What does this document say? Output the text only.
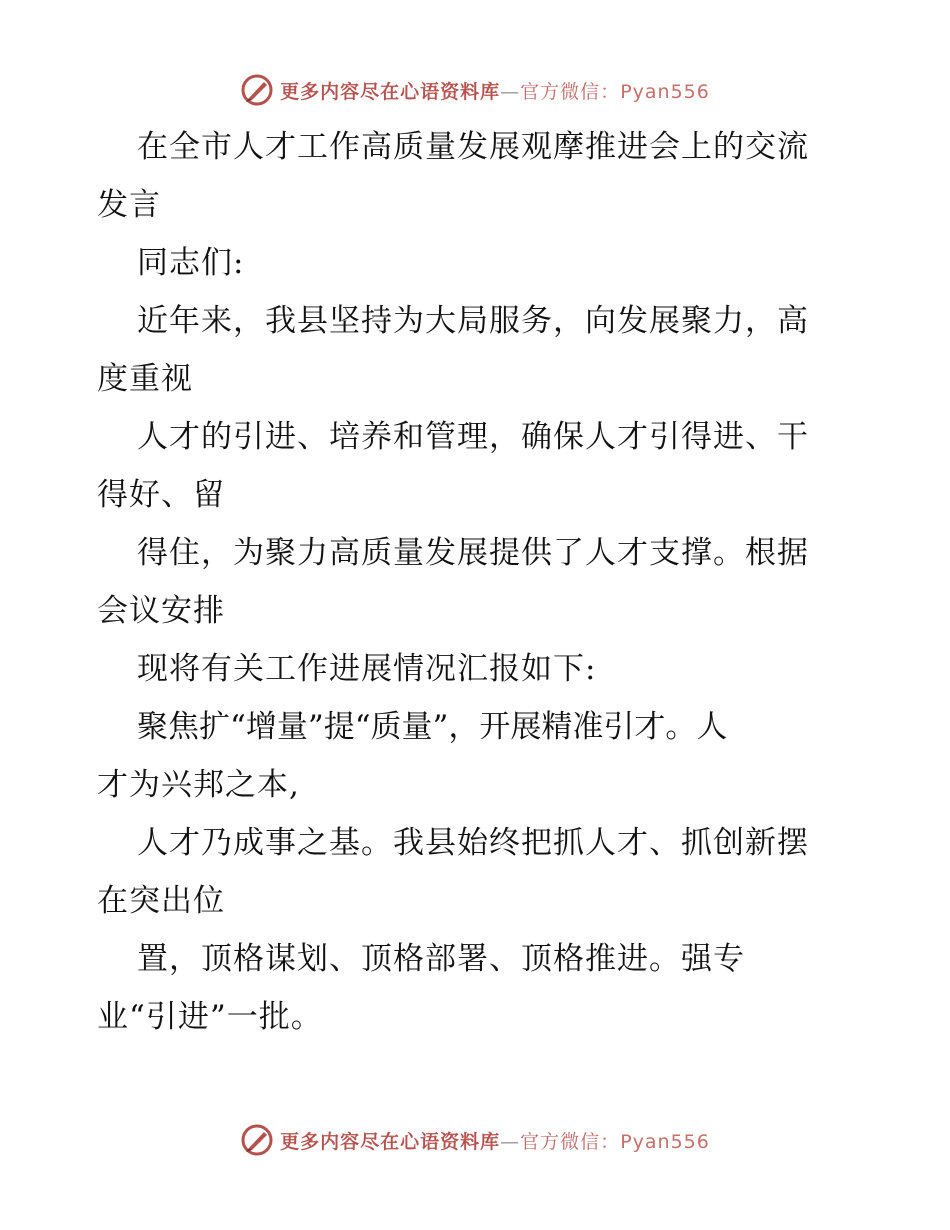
更多内容尽在心语资料库—官方微信：Pyan556

在全市人才工作高质量发展观摩推进会上的交流

发言

同志们:

近年来，我县坚持为大局服务，向发展聚力，高

度重视

人才的引进、培养和管理，确保人才引得进、干

得好、留

得住，为聚力高质量发展提供了人才支撑。根据

会议安排

现将有关工作进展情况汇报如下:

聚焦扩“增量”提“质量”，开展精准引才。人

才为兴邦之本,

人才乃成事之基。我县始终把抓人才、抓创新摆

在突出位

置，顶格谋划、顶格部署、顶格推进。强专

业“引进”一批。

更多内容尽在心语资料库—官方微信：Pyan556
